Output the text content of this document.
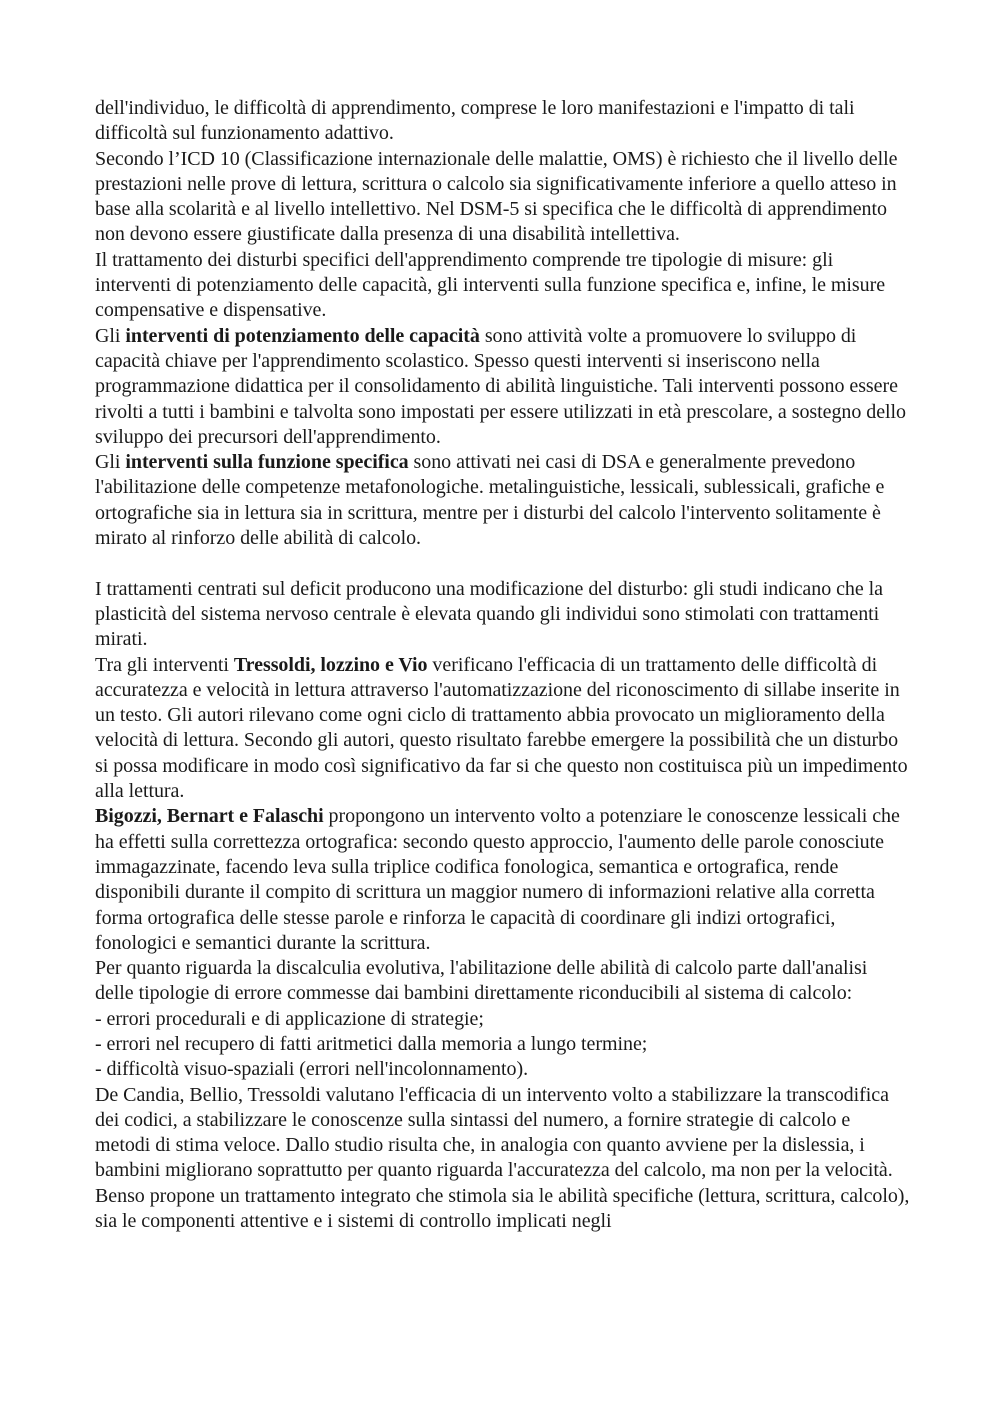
dell'individuo, le difficoltà di apprendimento, comprese le loro manifestazioni e l'impatto di tali difficoltà sul funzionamento adattivo.

Secondo l’ICD 10 (Classificazione internazionale delle malattie, OMS) è richiesto che il livello delle prestazioni nelle prove di lettura, scrittura o calcolo sia significativamente inferiore a quello atteso in base alla scolarità e al livello intellettivo. Nel DSM-5 si specifica che le difficoltà di apprendimento non devono essere giustificate dalla presenza di una disabilità intellettiva.

Il trattamento dei disturbi specifici dell'apprendimento comprende tre tipologie di misure: gli interventi di potenziamento delle capacità, gli interventi sulla funzione specifica e, infine, le misure compensative e dispensative.

Gli interventi di potenziamento delle capacità sono attività volte a promuovere lo sviluppo di capacità chiave per l'apprendimento scolastico. Spesso questi interventi si inseriscono nella programmazione didattica per il consolidamento di abilità linguistiche. Tali interventi possono essere rivolti a tutti i bambini e talvolta sono impostati per essere utilizzati in età prescolare, a sostegno dello sviluppo dei precursori dell'apprendimento.

Gli interventi sulla funzione specifica sono attivati nei casi di DSA e generalmente prevedono l'abilitazione delle competenze metafonologiche. metalinguistiche, lessicali, sublessicali, grafiche e ortografiche sia in lettura sia in scrittura, mentre per i disturbi del calcolo l'intervento solitamente è mirato al rinforzo delle abilità di calcolo.

I trattamenti centrati sul deficit producono una modificazione del disturbo: gli studi indicano che la plasticità del sistema nervoso centrale è elevata quando gli individui sono stimolati con trattamenti mirati.

Tra gli interventi Tressoldi, lozzino e Vio verificano l'efficacia di un trattamento delle difficoltà di accuratezza e velocità in lettura attraverso l'automatizzazione del riconoscimento di sillabe inserite in un testo. Gli autori rilevano come ogni ciclo di trattamento abbia provocato un miglioramento della velocità di lettura. Secondo gli autori, questo risultato farebbe emergere la possibilità che un disturbo si possa modificare in modo così significativo da far si che questo non costituisca più un impedimento alla lettura.

Bigozzi, Bernart e Falaschi propongono un intervento volto a potenziare le conoscenze lessicali che ha effetti sulla correttezza ortografica: secondo questo approccio, l'aumento delle parole conosciute immagazzinate, facendo leva sulla triplice codifica fonologica, semantica e ortografica, rende disponibili durante il compito di scrittura un maggior numero di informazioni relative alla corretta forma ortografica delle stesse parole e rinforza le capacità di coordinare gli indizi ortografici, fonologici e semantici durante la scrittura.

Per quanto riguarda la discalculia evolutiva, l'abilitazione delle abilità di calcolo parte dall'analisi delle tipologie di errore commesse dai bambini direttamente riconducibili al sistema di calcolo:

- errori procedurali e di applicazione di strategie;

- errori nel recupero di fatti aritmetici dalla memoria a lungo termine;

- difficoltà visuo-spaziali (errori nell'incolonnamento).

De Candia, Bellio, Tressoldi valutano l'efficacia di un intervento volto a stabilizzare la transcodifica dei codici, a stabilizzare le conoscenze sulla sintassi del numero, a fornire strategie di calcolo e metodi di stima veloce. Dallo studio risulta che, in analogia con quanto avviene per la dislessia, i bambini migliorano soprattutto per quanto riguarda l'accuratezza del calcolo, ma non per la velocità.

Benso propone un trattamento integrato che stimola sia le abilità specifiche (lettura, scrittura, calcolo), sia le componenti attentive e i sistemi di controllo implicati negli
